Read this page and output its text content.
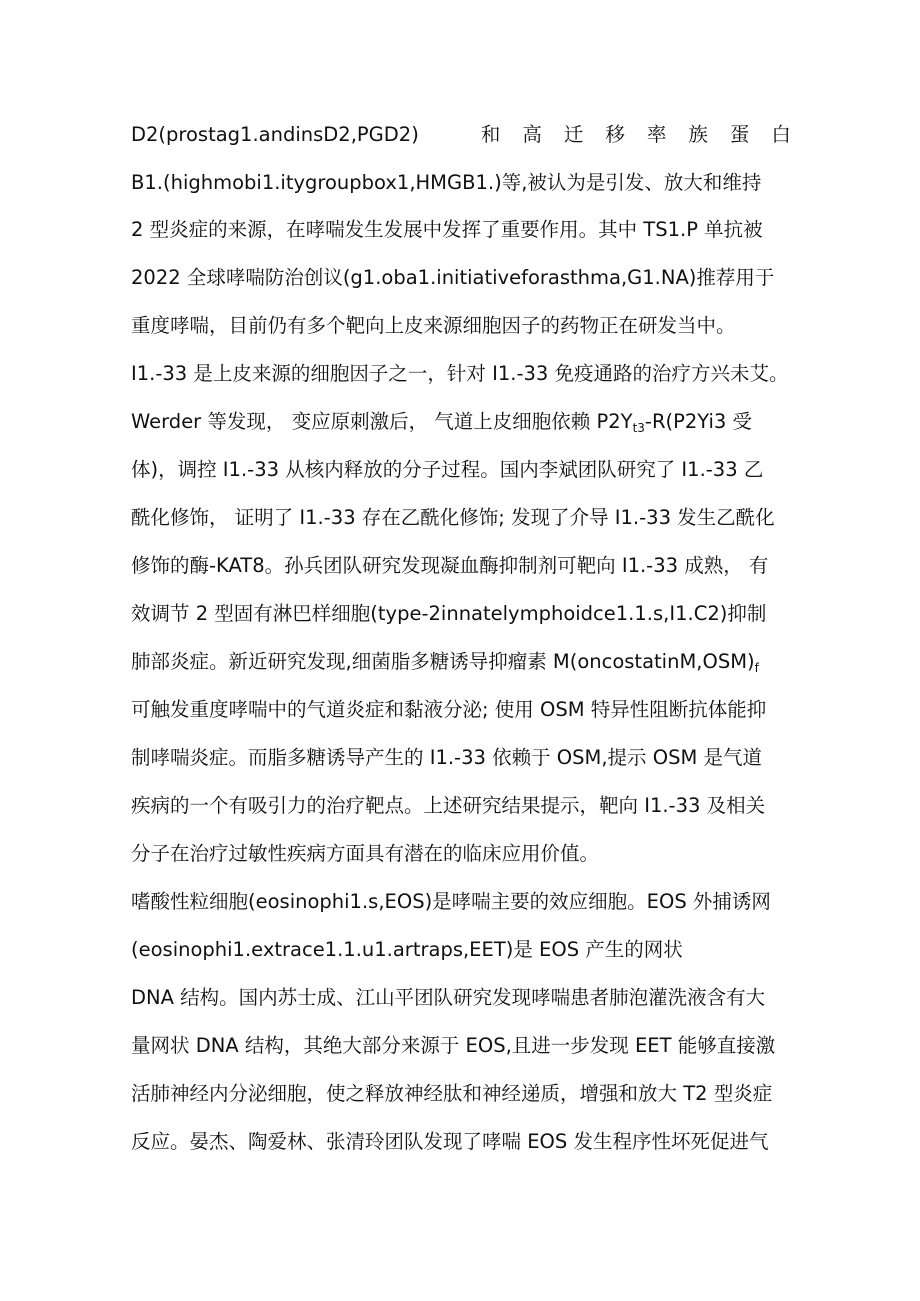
D2(prostag1.andinsD2,PGD2)	和 高 迁 移 率 族 蛋 白
B1.(highmobi1.itygroupbox1,HMGB1.)等,被认为是引发、放大和维持
2 型炎症的来源，在哮喘发生发展中发挥了重要作用。其中 TS1.P 单抗被
2022 全球哮喘防治创议(g1.oba1.initiativeforasthma,G1.NA)推荐用于
重度哮喘，目前仍有多个靶向上皮来源细胞因子的药物正在研发当中。
I1.-33 是上皮来源的细胞因子之一，针对 I1.-33 免疫通路的治疗方兴未艾。
Werder 等发现， 变应原刺激后， 气道上皮细胞依赖 $P2Y_{t3}-R(P2Yi3$ 受
体)，调控 I1.-33 从核内释放的分子过程。国内李斌团队研究了 I1.-33 乙
酰化修饰， 证明了 I1.-33 存在乙酰化修饰; 发现了介导 I1.-33 发生乙酰化
修饰的酶-KAT8。孙兵团队研究发现凝血酶抑制剂可靶向 I1.-33 成熟， 有
效调节 2 型固有淋巴样细胞(type-2innatelymphoidce1.1.s,I1.C2)抑制
肺部炎症。新近研究发现,细菌脂多糖诱导抑瘤素 $M(oncostatinM,OSM)_f$
可触发重度哮喘中的气道炎症和黏液分泌; 使用 OSM 特异性阻断抗体能抑
制哮喘炎症。而脂多糖诱导产生的 I1.-33 依赖于 OSM,提示 OSM 是气道
疾病的一个有吸引力的治疗靶点。上述研究结果提示，靶向 I1.-33 及相关
分子在治疗过敏性疾病方面具有潜在的临床应用价值。
嗜酸性粒细胞(eosinophi1.s,EOS)是哮喘主要的效应细胞。EOS 外捕诱网
(eosinophi1.extrace1.1.u1.artraps,EET)是 EOS 产生的网状
DNA 结构。国内苏士成、江山平团队研究发现哮喘患者肺泡灌洗液含有大
量网状 DNA 结构，其绝大部分来源于 EOS,且进一步发现 EET 能够直接激
活肺神经内分泌细胞，使之释放神经肽和神经递质，增强和放大 T2 型炎症
反应。晏杰、陶爱林、张清玲团队发现了哮喘 EOS 发生程序性坏死促进气
